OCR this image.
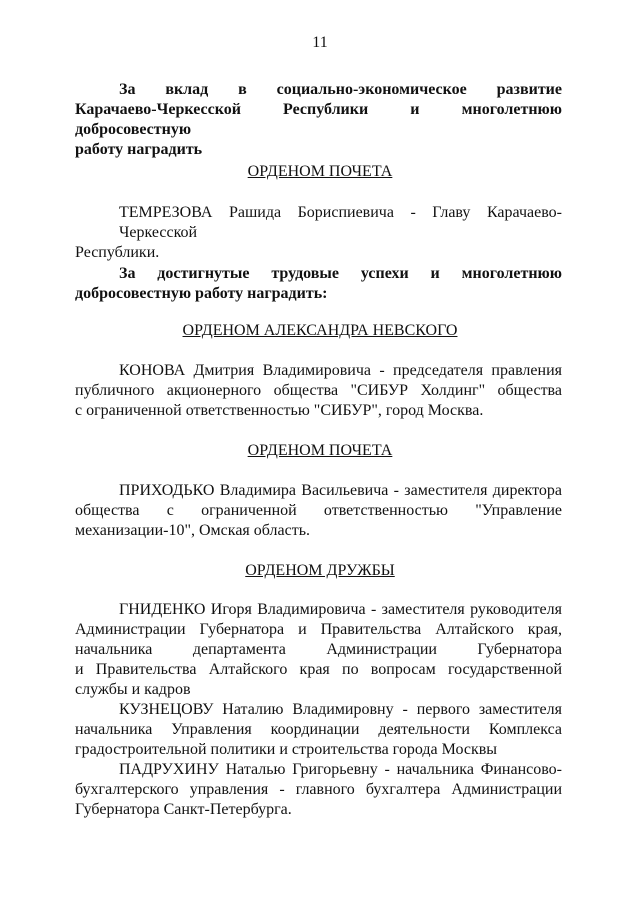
11
За вклад в социально-экономическое развитие
Карачаево-Черкесской Республики и многолетнюю добросовестную
работу наградить
ОРДЕНОМ ПОЧЕТА
ТЕМРЕЗОВА Рашида Бориспиевича - Главу Карачаево-Черкесской
Республики.
За достигнутые трудовые успехи и многолетнюю
добросовестную работу наградить:
ОРДЕНОМ АЛЕКСАНДРА НЕВСКОГО
КОНОВА Дмитрия Владимировича - председателя правления
публичного акционерного общества "СИБУР Холдинг" общества
с ограниченной ответственностью "СИБУР", город Москва.
ОРДЕНОМ ПОЧЕТА
ПРИХОДЬКО Владимира Васильевича - заместителя директора
общества с ограниченной ответственностью "Управление
механизации-10", Омская область.
ОРДЕНОМ ДРУЖБЫ
ГНИДЕНКО Игоря Владимировича - заместителя руководителя
Администрации Губернатора и Правительства Алтайского края,
начальника департамента Администрации Губернатора
и Правительства Алтайского края по вопросам государственной
службы и кадров
КУЗНЕЦОВУ Наталию Владимировну - первого заместителя
начальника Управления координации деятельности Комплекса
градостроительной политики и строительства города Москвы
ПАДРУХИНУ Наталью Григорьевну - начальника Финансово-
бухгалтерского управления - главного бухгалтера Администрации
Губернатора Санкт-Петербурга.
